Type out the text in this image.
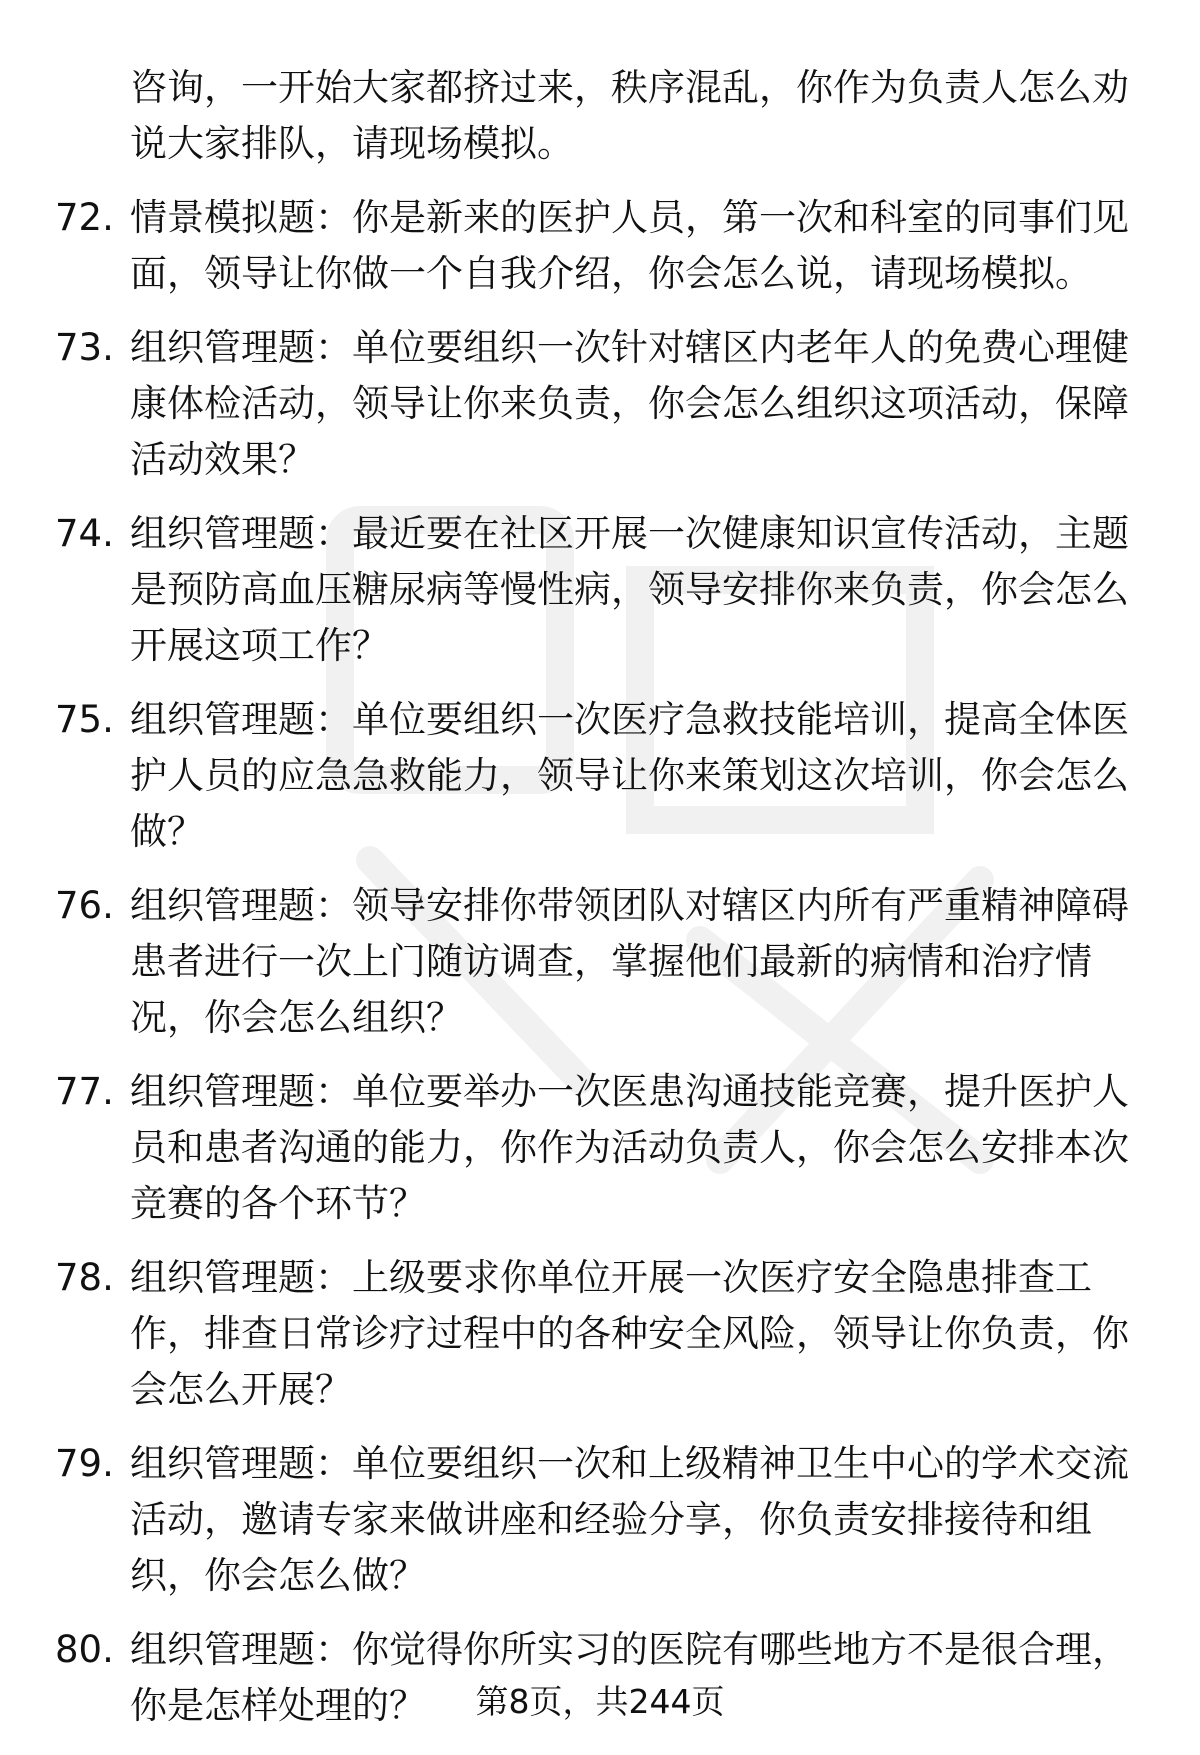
咨询，一开始大家都挤过来，秩序混乱，你作为负责人怎么劝说大家排队，请现场模拟。
72. 情景模拟题：你是新来的医护人员，第一次和科室的同事们见面，领导让你做一个自我介绍，你会怎么说，请现场模拟。
73. 组织管理题：单位要组织一次针对辖区内老年人的免费心理健康体检活动，领导让你来负责，你会怎么组织这项活动，保障活动效果？
74. 组织管理题：最近要在社区开展一次健康知识宣传活动，主题是预防高血压糖尿病等慢性病，领导安排你来负责，你会怎么开展这项工作？
75. 组织管理题：单位要组织一次医疗急救技能培训，提高全体医护人员的应急急救能力，领导让你来策划这次培训，你会怎么做？
76. 组织管理题：领导安排你带领团队对辖区内所有严重精神障碍患者进行一次上门随访调查，掌握他们最新的病情和治疗情况，你会怎么组织？
77. 组织管理题：单位要举办一次医患沟通技能竞赛，提升医护人员和患者沟通的能力，你作为活动负责人，你会怎么安排本次竞赛的各个环节？
78. 组织管理题：上级要求你单位开展一次医疗安全隐患排查工作，排查日常诊疗过程中的各种安全风险，领导让你负责，你会怎么开展？
79. 组织管理题：单位要组织一次和上级精神卫生中心的学术交流活动，邀请专家来做讲座和经验分享，你负责安排接待和组织，你会怎么做？
80. 组织管理题：你觉得你所实习的医院有哪些地方不是很合理，你是怎样处理的？	第8页，共244页
